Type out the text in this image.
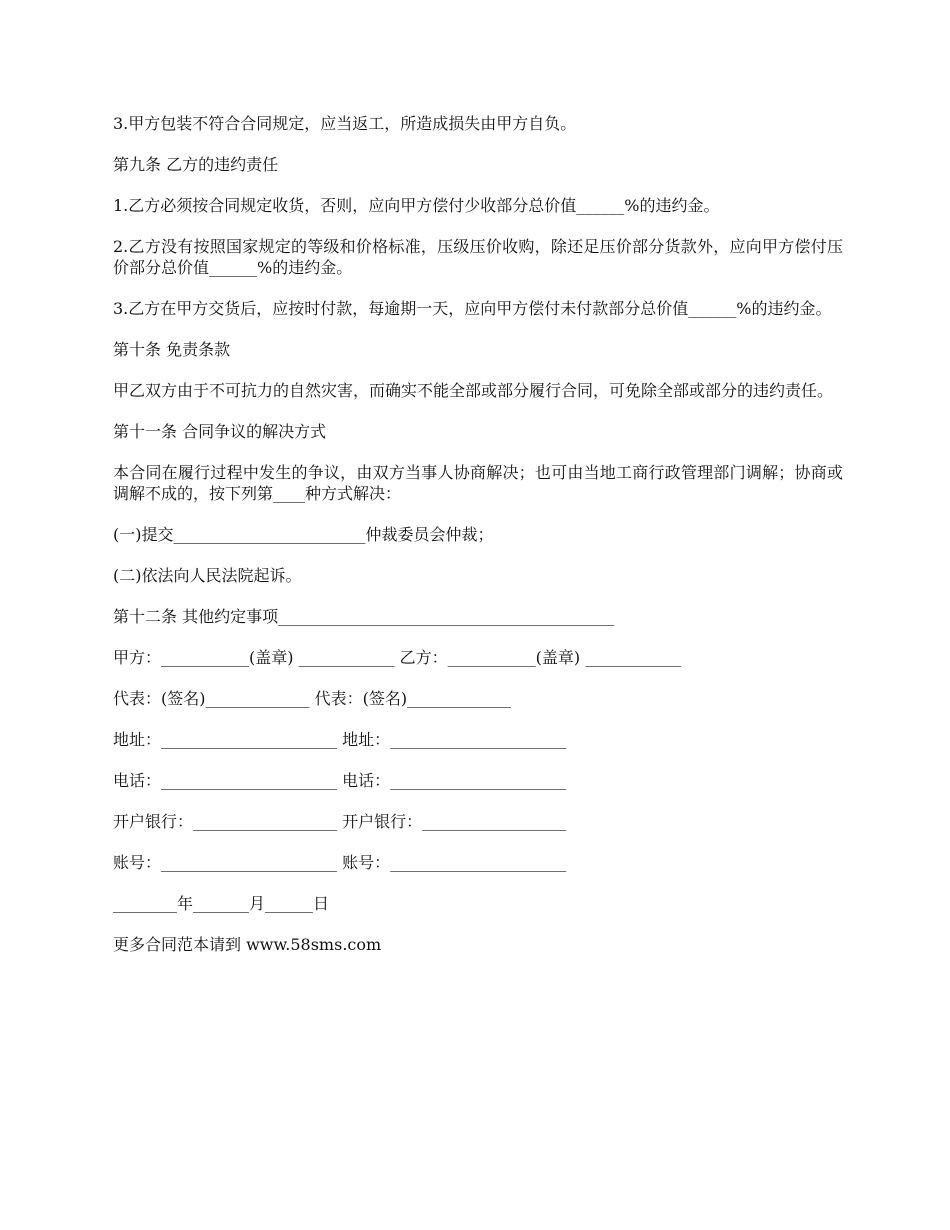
3.甲方包装不符合合同规定，应当返工，所造成损失由甲方自负。

第九条 乙方的违约责任

1.乙方必须按合同规定收货，否则，应向甲方偿付少收部分总价值______%的违约金。

2.乙方没有按照国家规定的等级和价格标准，压级压价收购，除还足压价部分货款外，应向甲方偿付压价部分总价值______%的违约金。

3.乙方在甲方交货后，应按时付款，每逾期一天，应向甲方偿付未付款部分总价值______%的违约金。

第十条 免责条款

甲乙双方由于不可抗力的自然灾害，而确实不能全部或部分履行合同，可免除全部或部分的违约责任。

第十一条 合同争议的解决方式

本合同在履行过程中发生的争议，由双方当事人协商解决；也可由当地工商行政管理部门调解；协商或调解不成的，按下列第____种方式解决：

(一)提交________________________仲裁委员会仲裁；

(二)依法向人民法院起诉。

第十二条 其他约定事项__________________________________________

甲方：___________(盖章) ____________ 乙方：___________(盖章) ____________

代表：(签名)_____________ 代表：(签名)_____________

地址：______________________ 地址：______________________

电话：______________________ 电话：______________________

开户银行：__________________ 开户银行：__________________

账号：______________________ 账号：______________________

________年_______月______日

更多合同范本请到 www.58sms.com
